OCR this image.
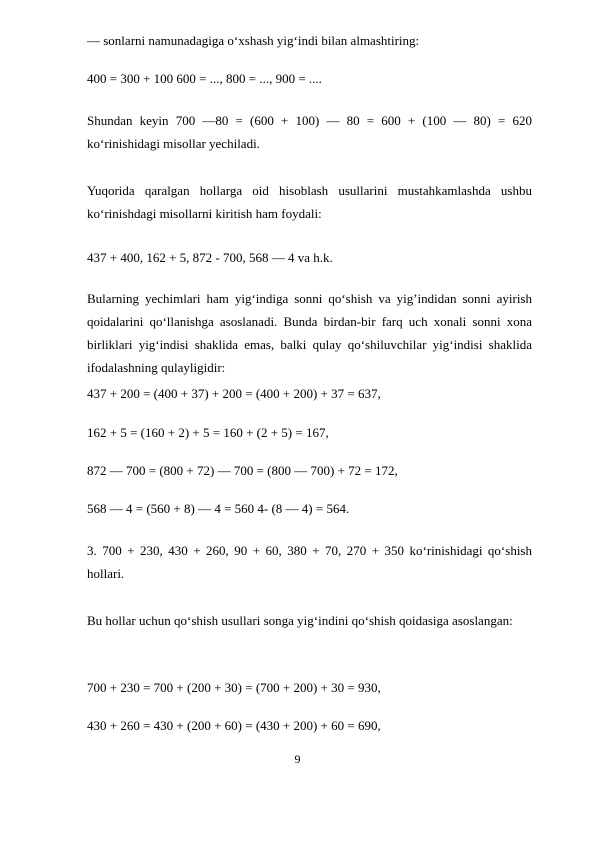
— sonlarni namunadagiga o‘xshash yig‘indi bilan almashtiring:

400 = 300 + 100 600 = ..., 800 = ..., 900 = ....

Shundan keyin 700 —80 = (600 + 100) — 80 = 600 + (100 — 80) = 620 ko‘rinishidagi misollar yechiladi.

Yuqorida qaralgan hollarga oid hisoblash usullarini mustahkamlashda ushbu ko‘rinishdagi misollarni kiritish ham foydali:

437 + 400, 162 + 5, 872 - 700, 568 — 4 va h.k.

Bularning yechimlari ham yig‘indiga sonni qo‘shish va yig’indidan sonni ayirish qoidalarini qo‘llanishga asoslanadi. Bunda birdan-bir farq uch xonali sonni xona birliklari yig‘indisi shaklida emas, balki qulay qo‘shiluvchilar yig‘indisi shaklida ifodalashning qulayligidir:

437 + 200 = (400 + 37) + 200 = (400 + 200) + 37 = 637,

162 + 5 = (160 + 2) + 5 = 160 + (2 + 5) = 167,

872 — 700 = (800 + 72) — 700 = (800 — 700) + 72 = 172,

568 — 4 = (560 + 8) — 4 = 560 4- (8 — 4) = 564.

3. 700 + 230, 430 + 260, 90 + 60, 380 + 70, 270 + 350 ko‘rinishidagi qo‘shish hollari.

Bu hollar uchun qo‘shish usullari songa yig‘indini qo‘shish qoidasiga asoslangan:

700 + 230 = 700 + (200 + 30) = (700 + 200) + 30 = 930,

430 + 260 = 430 + (200 + 60) = (430 + 200) + 60 = 690,

9
